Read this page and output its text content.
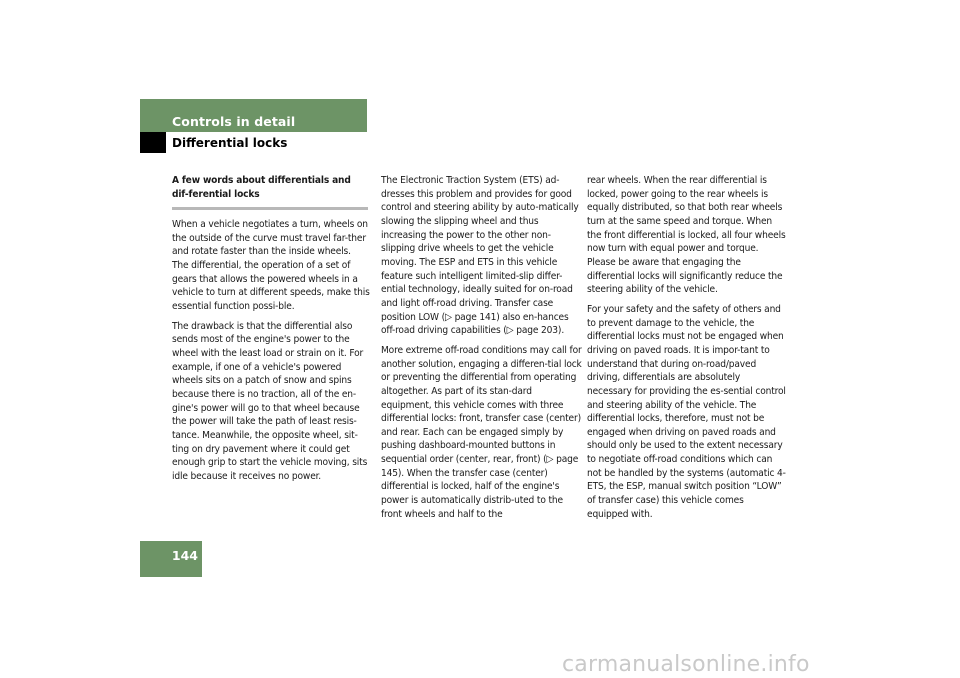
Controls in detail
Differential locks

A few words about differentials and dif-ferential locks

When a vehicle negotiates a turn, wheels on the outside of the curve must travel far-ther and rotate faster than the inside wheels. The differential, the operation of a set of gears that allows the powered wheels in a vehicle to turn at different speeds, make this essential function possi-ble.

The drawback is that the differential also sends most of the engine's power to the wheel with the least load or strain on it. For example, if one of a vehicle's powered wheels sits on a patch of snow and spins because there is no traction, all of the en-gine's power will go to that wheel because the power will take the path of least resis-tance. Meanwhile, the opposite wheel, sit-ting on dry pavement where it could get enough grip to start the vehicle moving, sits idle because it receives no power.

The Electronic Traction System (ETS) ad-dresses this problem and provides for good control and steering ability by auto-matically slowing the slipping wheel and thus increasing the power to the other non-slipping drive wheels to get the vehicle moving. The ESP and ETS in this vehicle feature such intelligent limited-slip differ-ential technology, ideally suited for on-road and light off-road driving. Transfer case position LOW (▷ page 141) also en-hances off-road driving capabilities (▷ page 203).

More extreme off-road conditions may call for another solution, engaging a differen-tial lock or preventing the differential from operating altogether. As part of its stan-dard equipment, this vehicle comes with three differential locks: front, transfer case (center) and rear. Each can be engaged simply by pushing dashboard-mounted buttons in sequential order (center, rear, front) (▷ page 145). When the transfer case (center) differential is locked, half of the engine's power is automatically distrib-uted to the front wheels and half to the

rear wheels. When the rear differential is locked, power going to the rear wheels is equally distributed, so that both rear wheels turn at the same speed and torque. When the front differential is locked, all four wheels now turn with equal power and torque. Please be aware that engaging the differential locks will significantly reduce the steering ability of the vehicle.

For your safety and the safety of others and to prevent damage to the vehicle, the differential locks must not be engaged when driving on paved roads. It is impor-tant to understand that during on-road/paved driving, differentials are absolutely necessary for providing the es-sential control and steering ability of the vehicle. The differential locks, therefore, must not be engaged when driving on paved roads and should only be used to the extent necessary to negotiate off-road conditions which can not be handled by the systems (automatic 4-ETS, the ESP, manual switch position “LOW” of transfer case) this vehicle comes equipped with.

144
carmanualsonline.info
